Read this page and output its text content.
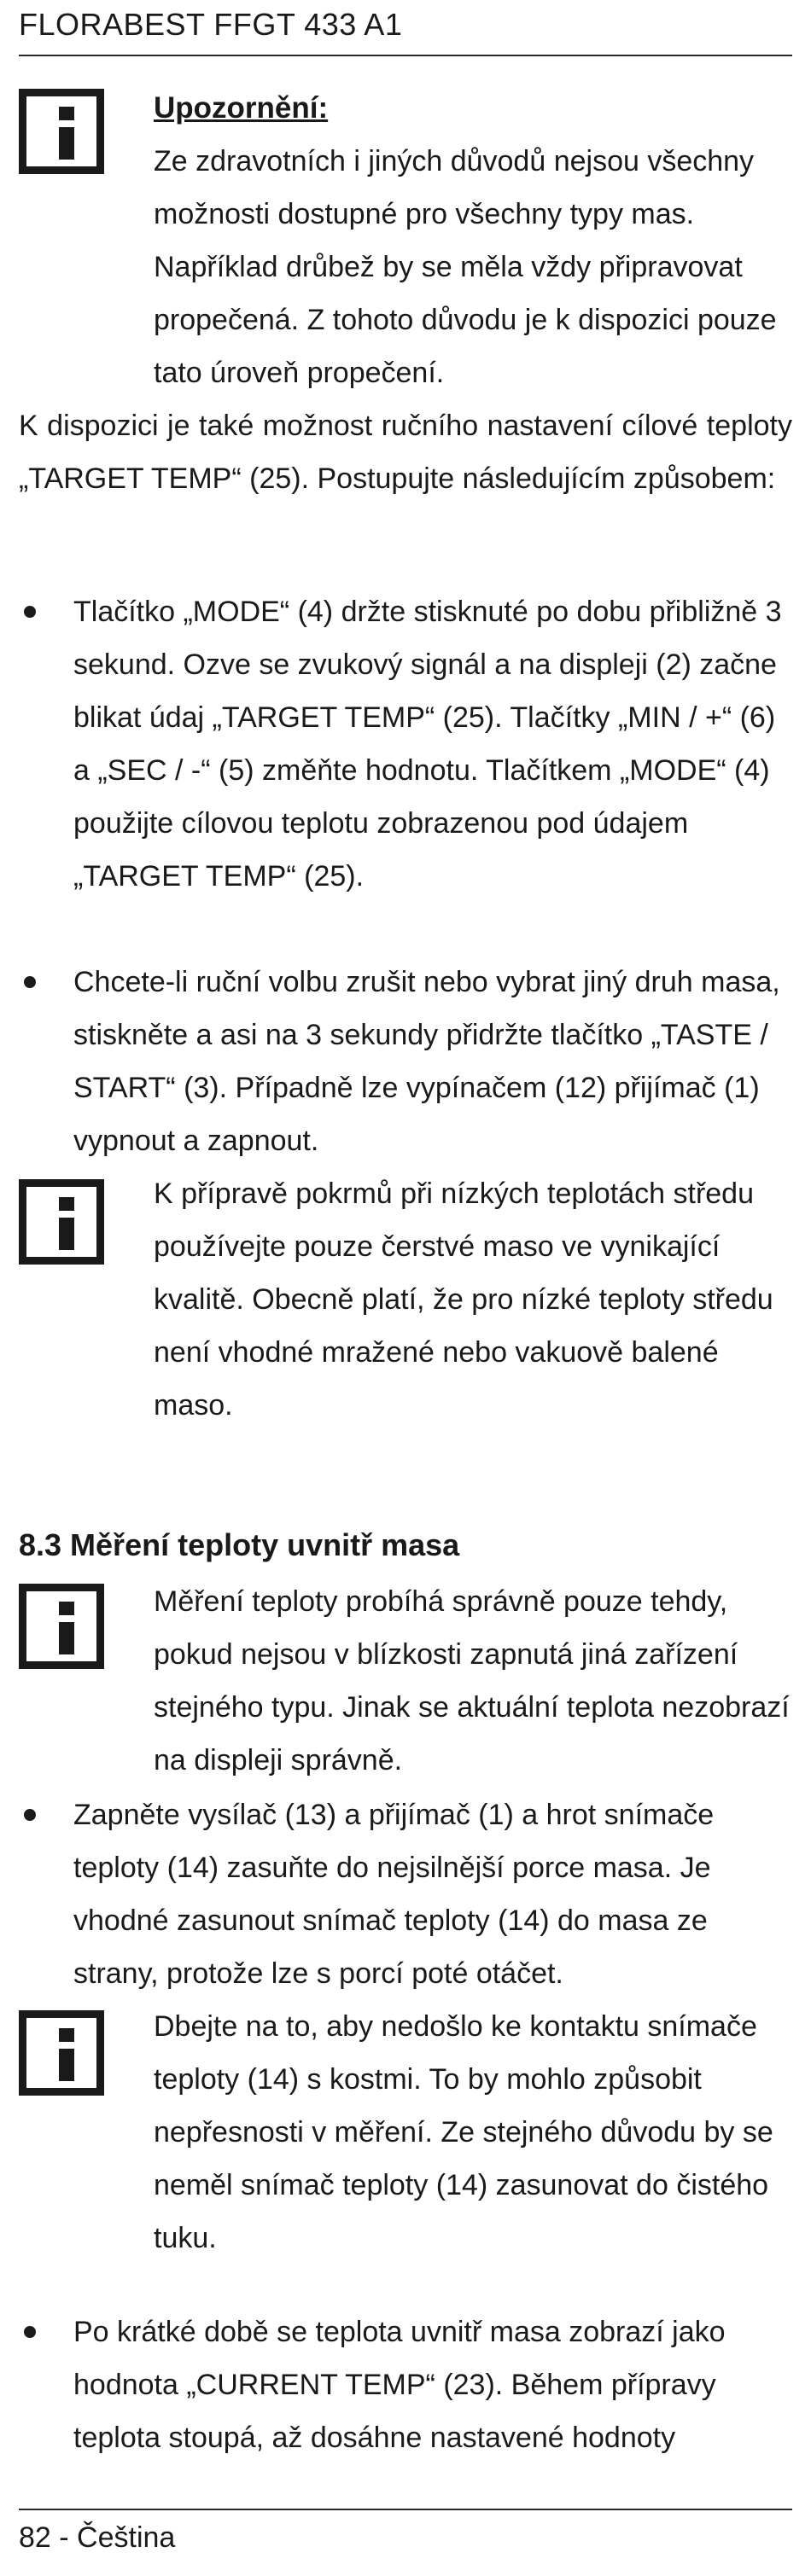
FLORABEST FFGT 433 A1
Upozornění:
Ze zdravotních i jiných důvodů nejsou všechny možnosti dostupné pro všechny typy mas. Například drůbež by se měla vždy připravovat propečená. Z tohoto důvodu je k dispozici pouze tato úroveň propečení.
K dispozici je také možnost ručního nastavení cílové teploty „TARGET TEMP“ (25). Postupujte následujícím způsobem:
Tlačítko „MODE“ (4) držte stisknuté po dobu přibližně 3 sekund. Ozve se zvukový signál a na displeji (2) začne blikat údaj „TARGET TEMP“ (25). Tlačítky „MIN / +“ (6) a „SEC / -“ (5) změňte hodnotu. Tlačítkem „MODE“ (4) použijte cílovou teplotu zobrazenou pod údajem „TARGET TEMP“ (25).
Chcete-li ruční volbu zrušit nebo vybrat jiný druh masa, stiskněte a asi na 3 sekundy přidržte tlačítko „TASTE / START“ (3). Případně lze vypínačem (12) přijímač (1) vypnout a zapnout.
K přípravě pokrmů při nízkých teplotách středu používejte pouze čerstvé maso ve vynikající kvalitě. Obecně platí, že pro nízké teploty středu není vhodné mražené nebo vakuově balené maso.
8.3 Měření teploty uvnitř masa
Měření teploty probíhá správně pouze tehdy, pokud nejsou v blízkosti zapnutá jiná zařízení stejného typu. Jinak se aktuální teplota nezobrazí na displeji správně.
Zapněte vysílač (13) a přijímač (1) a hrot snímače teploty (14) zasuňte do nejsilnější porce masa. Je vhodné zasunout snímač teploty (14) do masa ze strany, protože lze s porcí poté otáčet.
Dbejte na to, aby nedošlo ke kontaktu snímače teploty (14) s kostmi. To by mohlo způsobit nepřesnosti v měření. Ze stejného důvodu by se neměl snímač teploty (14) zasunovat do čistého tuku.
Po krátké době se teplota uvnitř masa zobrazí jako hodnota „CURRENT TEMP“ (23). Během přípravy teplota stoupá, až dosáhne nastavené hodnoty
82 - Čeština
